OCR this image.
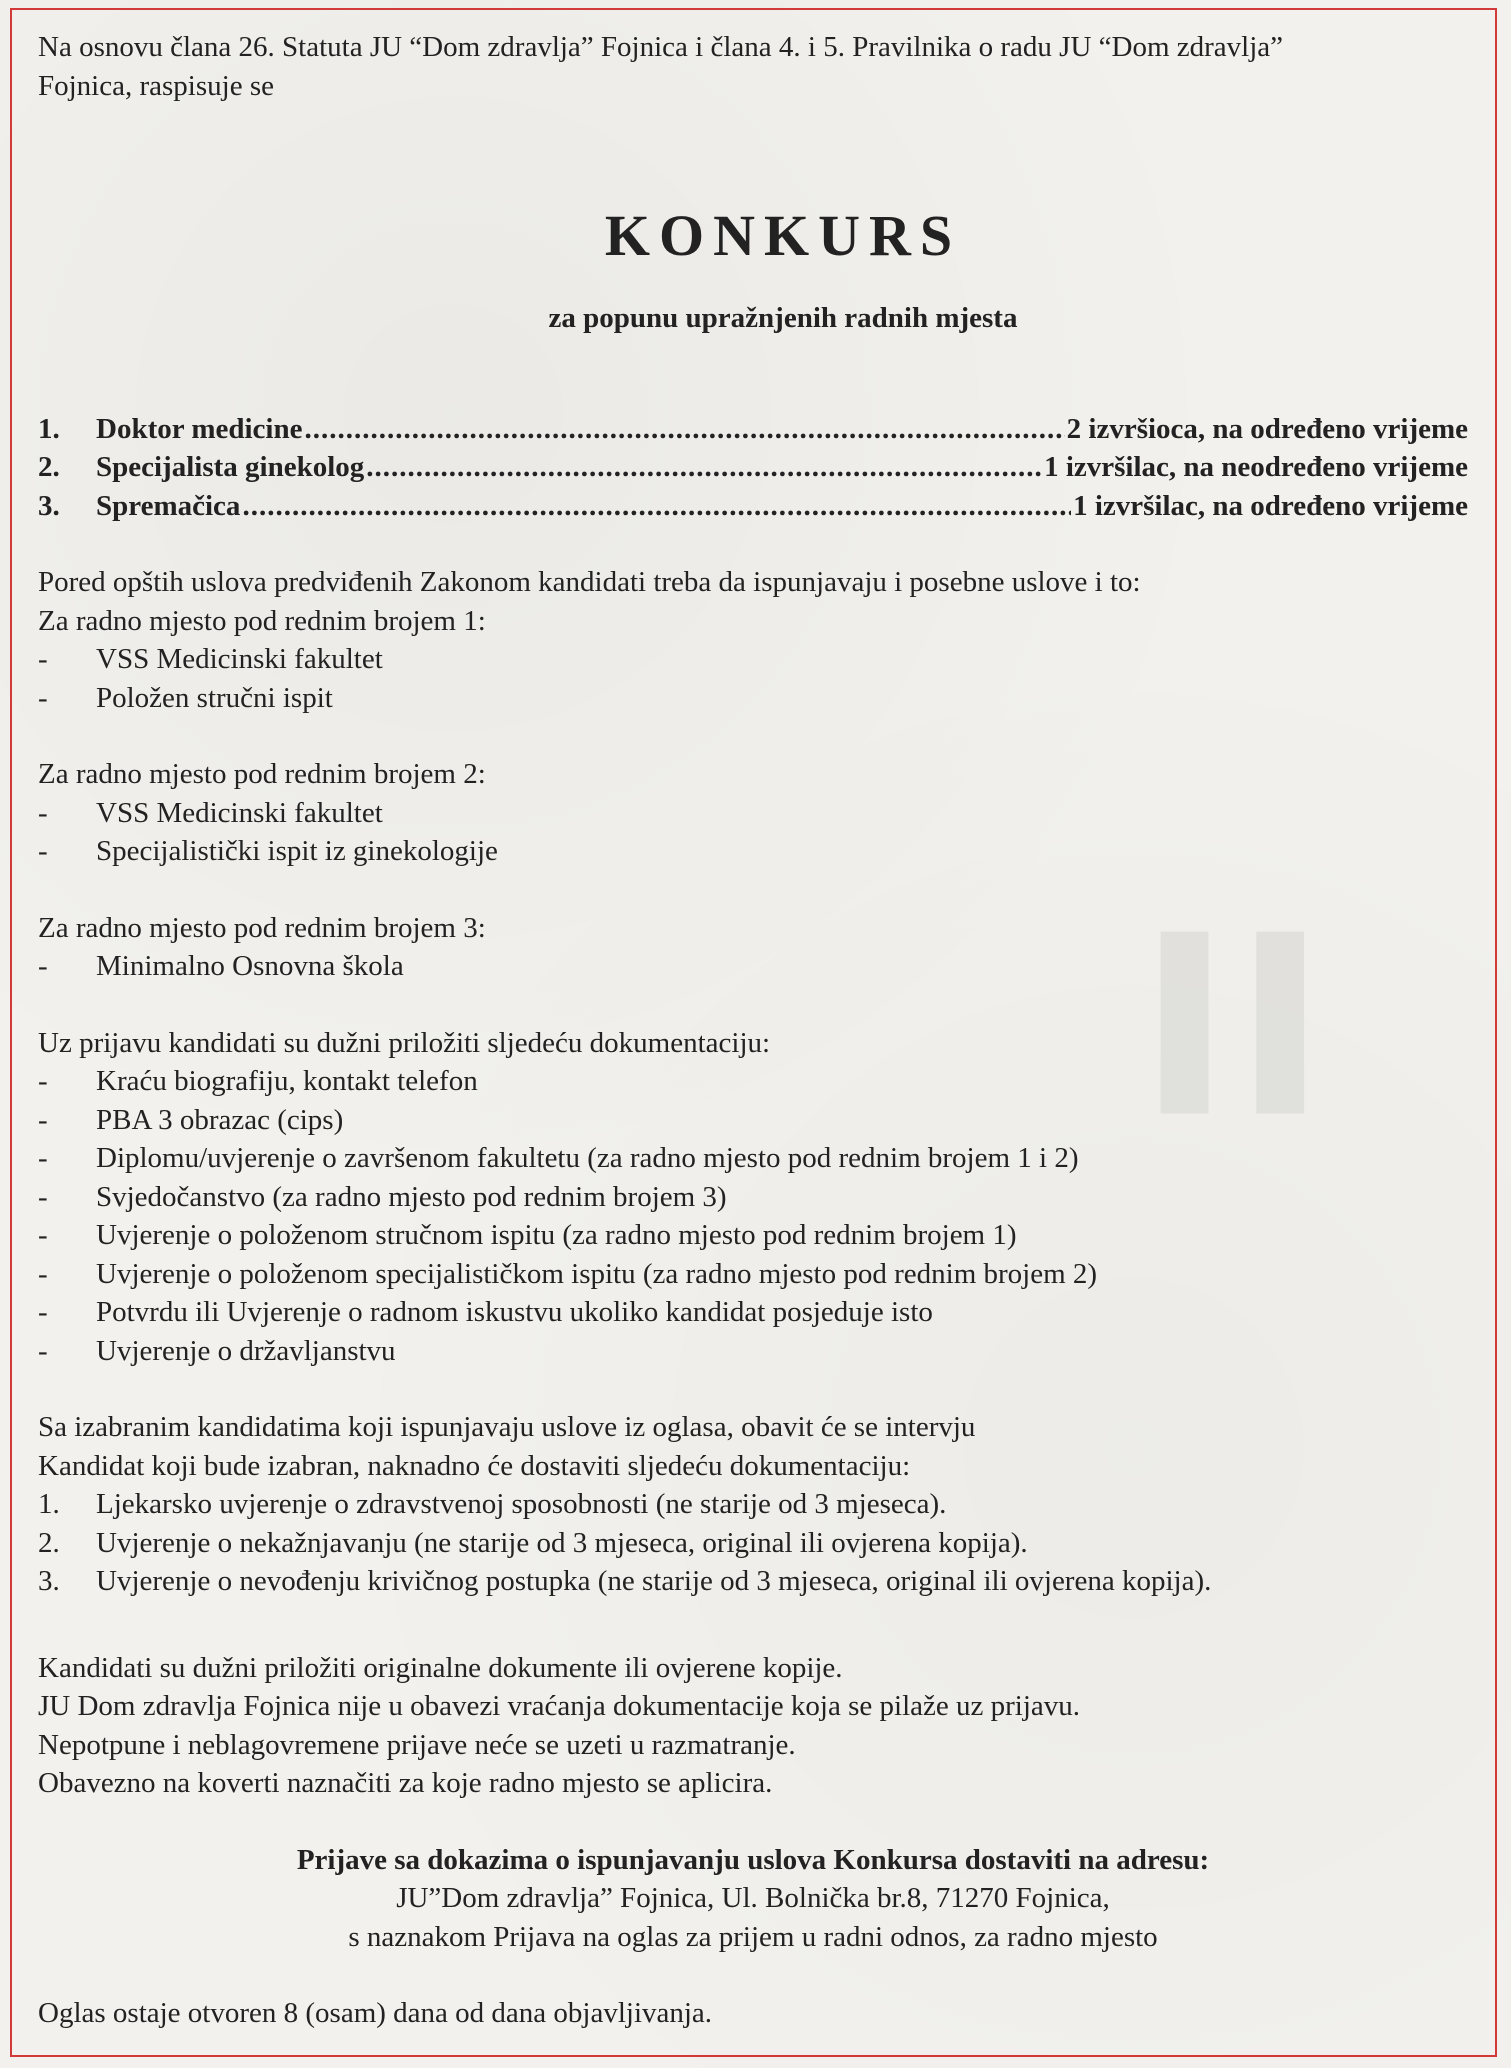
▌▌
Na osnovu člana 26. Statuta JU “Dom zdravlja” Fojnica i člana 4. i 5. Pravilnika o radu JU “Dom zdravlja”
Fojnica, raspisuje se
KONKURS
za popunu upražnjenih radnih mjesta
1.	Doktor medicine .....	2 izvršioca, na određeno vrijeme
2.	Specijalista ginekolog .....	1 izvršilac, na neodređeno vrijeme
3.	Spremačica .....	1 izvršilac, na određeno vrijeme
Pored opštih uslova predviđenih Zakonom kandidati treba da ispunjavaju i posebne uslove i to:
Za radno mjesto pod rednim brojem 1:
-	VSS Medicinski fakultet
-	Položen stručni ispit
Za radno mjesto pod rednim brojem 2:
-	VSS Medicinski fakultet
-	Specijalistički ispit iz ginekologije
Za radno mjesto pod rednim brojem 3:
-	Minimalno Osnovna škola
Uz prijavu kandidati su dužni priložiti sljedeću dokumentaciju:
-	Kraću biografiju, kontakt telefon
-	PBA 3 obrazac (cips)
-	Diplomu/uvjerenje o završenom fakultetu (za radno mjesto pod rednim brojem 1 i 2)
-	Svjedočanstvo (za radno mjesto pod rednim brojem 3)
-	Uvjerenje o položenom stručnom ispitu (za radno mjesto pod rednim brojem 1)
-	Uvjerenje o položenom specijalističkom ispitu (za radno mjesto pod rednim brojem 2)
-	Potvrdu ili Uvjerenje o radnom iskustvu ukoliko kandidat posjeduje isto
-	Uvjerenje o državljanstvu
Sa izabranim kandidatima koji ispunjavaju uslove iz oglasa, obavit će se intervju
Kandidat koji bude izabran, naknadno će dostaviti sljedeću dokumentaciju:
1.	Ljekarsko uvjerenje o zdravstvenoj sposobnosti (ne starije od 3 mjeseca).
2.	Uvjerenje o nekažnjavanju (ne starije od 3 mjeseca, original ili ovjerena kopija).
3.	Uvjerenje o nevođenju krivičnog postupka (ne starije od 3 mjeseca, original ili ovjerena kopija).
Kandidati su dužni priložiti originalne dokumente ili ovjerene kopije.
JU Dom zdravlja Fojnica nije u obavezi vraćanja dokumentacije koja se pilaže uz prijavu.
Nepotpune i neblagovremene prijave neće se uzeti u razmatranje.
Obavezno na koverti naznačiti za koje radno mjesto se aplicira.
Prijave sa dokazima o ispunjavanju uslova Konkursa dostaviti na adresu:
JU”Dom zdravlja” Fojnica, Ul. Bolnička br.8, 71270 Fojnica,
s naznakom Prijava na oglas za prijem u radni odnos, za radno mjesto
Oglas ostaje otvoren 8 (osam) dana od dana objavljivanja.
